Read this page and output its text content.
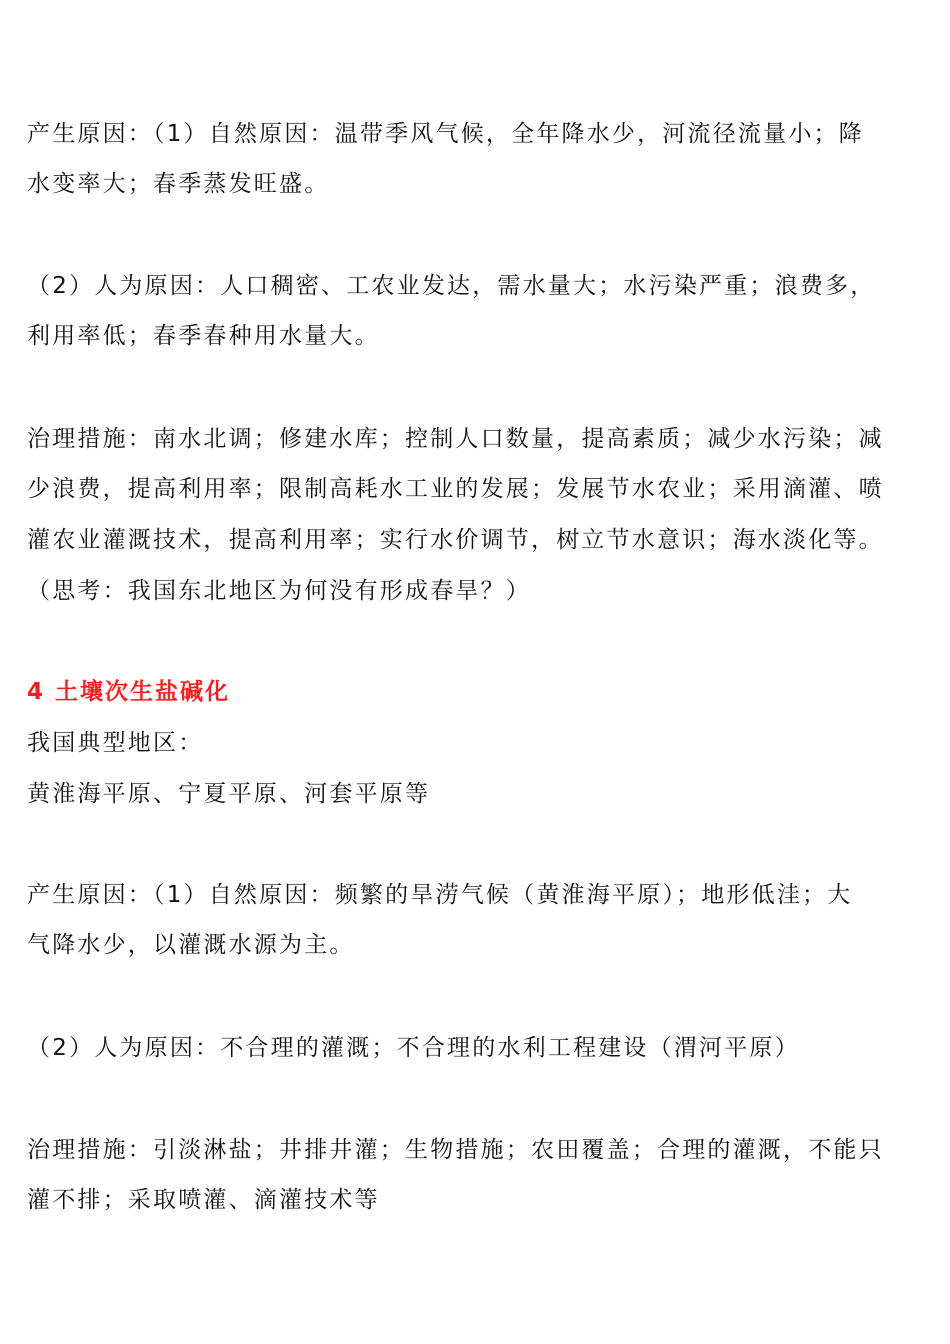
产生原因：（1）自然原因：温带季风气候，全年降水少，河流径流量小；降
水变率大；春季蒸发旺盛。
（2）人为原因：人口稠密、工农业发达，需水量大；水污染严重；浪费多，
利用率低；春季春种用水量大。
治理措施：南水北调；修建水库；控制人口数量，提高素质；减少水污染；减
少浪费，提高利用率；限制高耗水工业的发展；发展节水农业；采用滴灌、喷
灌农业灌溉技术，提高利用率；实行水价调节，树立节水意识；海水淡化等。
（思考：我国东北地区为何没有形成春旱？）
4 土壤次生盐碱化
我国典型地区：
黄淮海平原、宁夏平原、河套平原等
产生原因：（1）自然原因：频繁的旱涝气候（黄淮海平原）；地形低洼；大
气降水少，以灌溉水源为主。
（2）人为原因：不合理的灌溉；不合理的水利工程建设（渭河平原）
治理措施：引淡淋盐；井排井灌；生物措施；农田覆盖；合理的灌溉，不能只
灌不排；采取喷灌、滴灌技术等
